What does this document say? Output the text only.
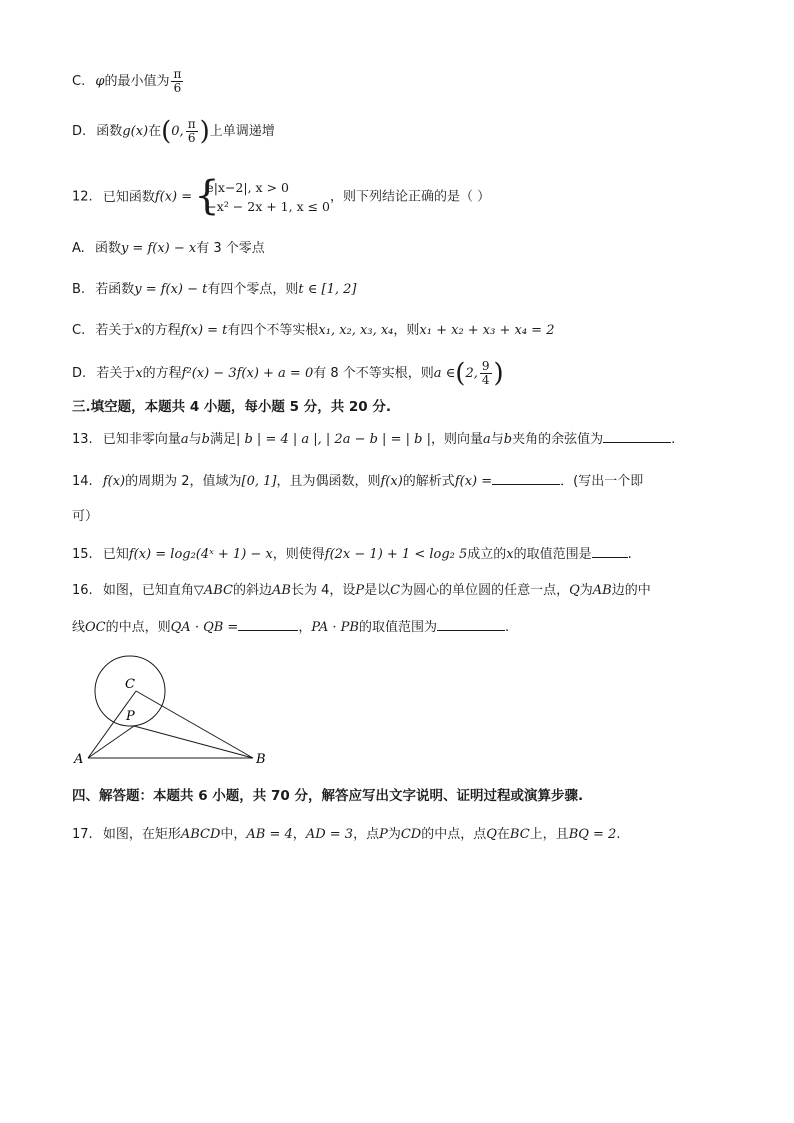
C. φ的最小值为 $\frac{\pi}{6}$
D. 函数g(x)在(0, $\frac{\pi}{6}$ )上单调递增
12. 已知函数f(x) = {
e|x−2|, x > 0
−x² − 2x + 1, x ≤ 0
，则下列结论正确的是（ ）
A. 函数y = f(x) − x有 3 个零点
B. 若函数y = f(x) − t有四个零点，则t ∈ [1, 2]
C. 若关于x的方程f(x) = t有四个不等实根x₁, x₂, x₃, x₄，则x₁ + x₂ + x₃ + x₄ = 2
D. 若关于x的方程f²(x) − 3f(x) + a = 0有 8 个不等实根，则a ∈(2, $\frac{9}{4}$ )
三.填空题，本题共 4 小题，每小题 5 分，共 20 分.
13. 已知非零向量a与b满足| b | = 4 | a |, | 2a − b | = | b |，则向量a与b夹角的余弦值为	.
14. f(x)的周期为 2，值域为[0, 1]，且为偶函数，则f(x)的解析式f(x) =	．(写出一个即
可）
15. 已知f(x) = log₂(4ˣ + 1) − x，则使得f(2x − 1) + 1 < log₂ 5成立的x的取值范围是	.
16. 如图，已知直角▽ABC的斜边AB长为 4，设P是以C为圆心的单位圆的任意一点，Q为AB边的中
线OC的中点，则QA · QB =	，PA · PB的取值范围为	.
C
P
A	B
四、解答题：本题共 6 小题，共 70 分，解答应写出文字说明、证明过程或演算步骤.
17. 如图，在矩形ABCD中，AB = 4，AD = 3，点P为CD的中点，点Q在BC上，且BQ = 2.
